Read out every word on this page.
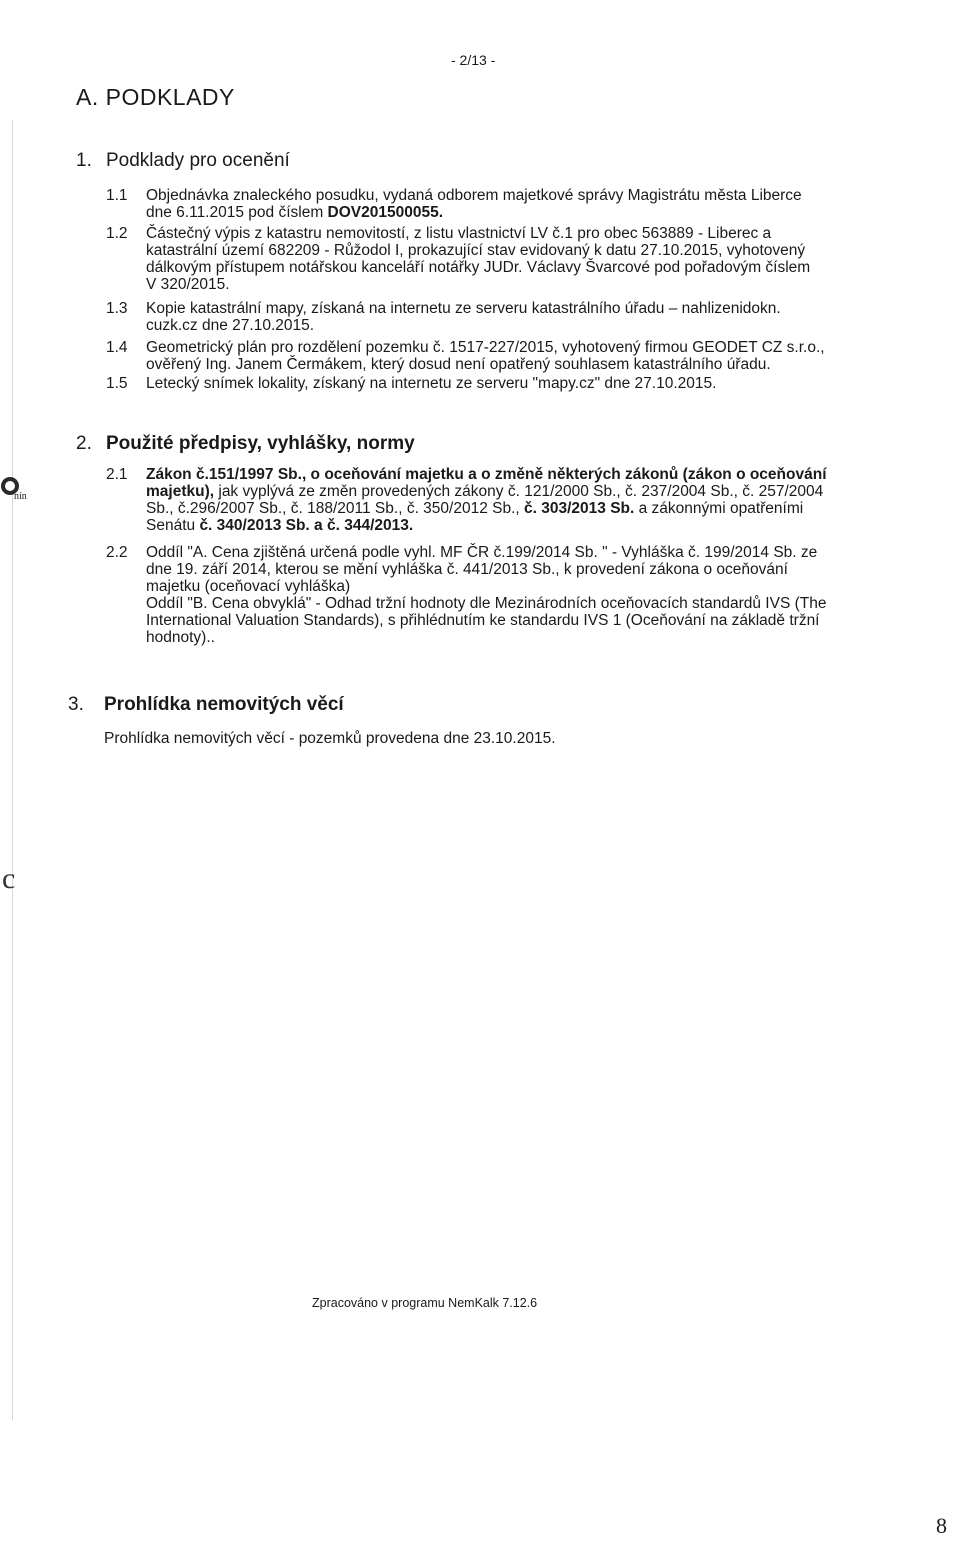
- 2/13 -
A. PODKLADY
1. Podklady pro ocenění
1.1 Objednávka znaleckého posudku, vydaná odborem majetkové správy Magistrátu města Liberce
dne 6.11.2015 pod číslem DOV201500055.
1.2 Částečný výpis z katastru nemovitostí, z listu vlastnictví LV č.1 pro obec 563889 - Liberec a
katastrální území 682209 - Růžodol I, prokazující stav evidovaný k datu 27.10.2015, vyhotovený
dálkovým přístupem notářskou kanceláří notářky JUDr. Václavy Švarcové pod pořadovým číslem
V 320/2015.
1.3 Kopie katastrální mapy, získaná na internetu ze serveru katastrálního úřadu – nahlizenidokn.
cuzk.cz dne 27.10.2015.
1.4 Geometrický plán pro rozdělení pozemku č. 1517-227/2015, vyhotovený firmou GEODET CZ s.r.o.,
ověřený Ing. Janem Čermákem, který dosud není opatřený souhlasem katastrálního úřadu.
1.5 Letecký snímek lokality, získaný na internetu ze serveru "mapy.cz" dne 27.10.2015.
2. Použité předpisy, vyhlášky, normy
2.1 Zákon č.151/1997 Sb., o oceňování majetku a o změně některých zákonů (zákon o oceňování
majetku), jak vyplývá ze změn provedených zákony č. 121/2000 Sb., č. 237/2004 Sb., č. 257/2004
Sb., č.296/2007 Sb., č. 188/2011 Sb., č. 350/2012 Sb., č. 303/2013 Sb. a zákonnými opatřeními
Senátu č. 340/2013 Sb. a č. 344/2013.
2.2 Oddíl "A. Cena zjištěná určená podle vyhl. MF ČR č.199/2014 Sb. " - Vyhláška č. 199/2014 Sb. ze
dne 19. září 2014, kterou se mění vyhláška č. 441/2013 Sb., k provedení zákona o oceňování
majetku (oceňovací vyhláška)
Oddíl "B. Cena obvyklá" - Odhad tržní hodnoty dle Mezinárodních oceňovacích standardů IVS (The
International Valuation Standards), s přihlédnutím ke standardu IVS 1 (Oceňování na základě tržní
hodnoty)..
3. Prohlídka nemovitých věcí
Prohlídka nemovitých věcí - pozemků provedena dne 23.10.2015.
nín
c
Zpracováno v programu NemKalk 7.12.6
8
